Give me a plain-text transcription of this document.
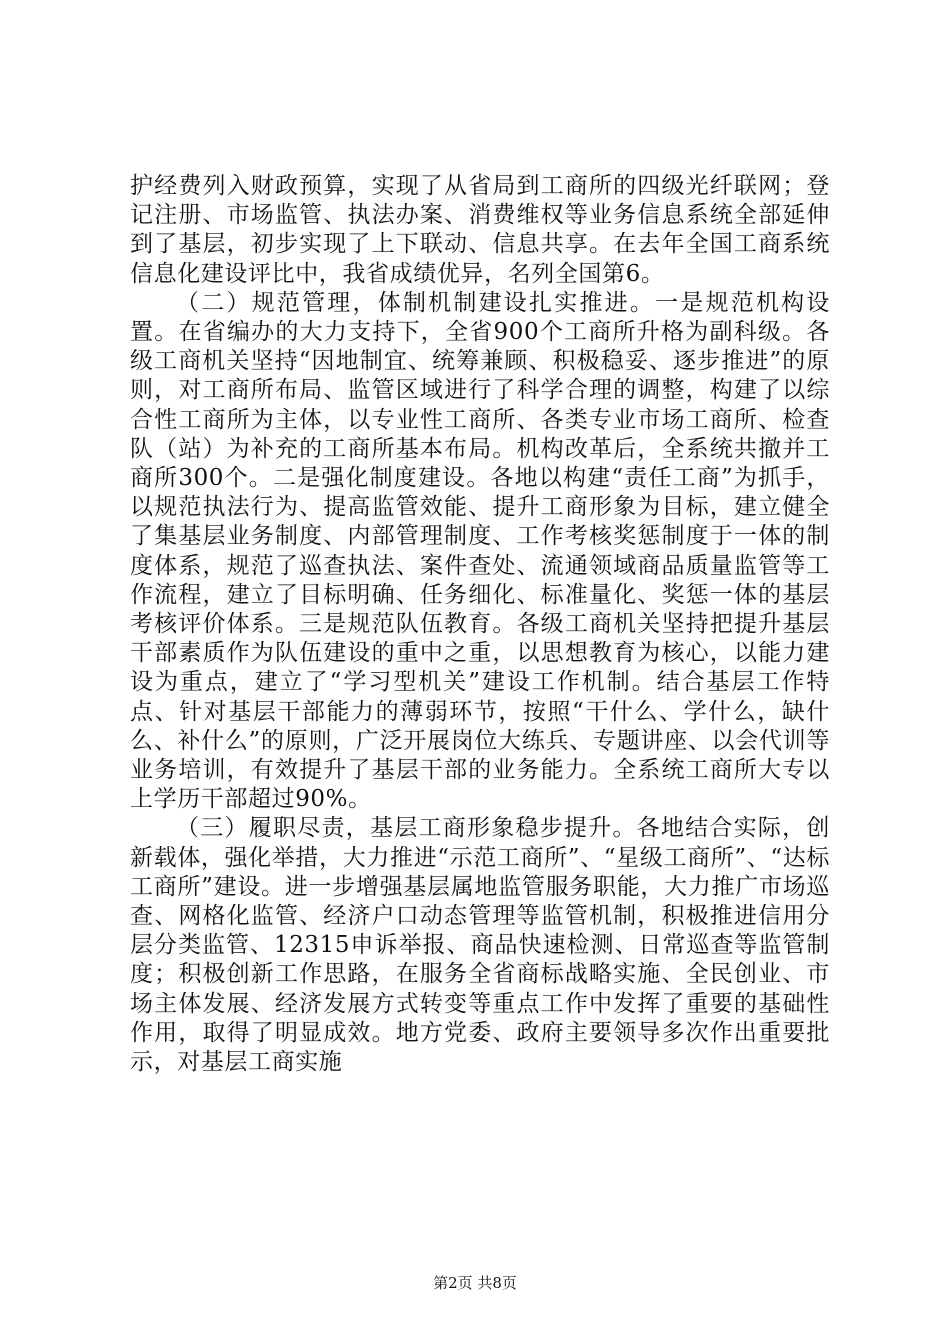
护经费列入财政预算，实现了从省局到工商所的四级光纤联网；登记注册、市场监管、执法办案、消费维权等业务信息系统全部延伸到了基层，初步实现了上下联动、信息共享。在去年全国工商系统信息化建设评比中，我省成绩优异，名列全国第6。

（二）规范管理，体制机制建设扎实推进。一是规范机构设置。在省编办的大力支持下，全省900个工商所升格为副科级。各级工商机关坚持“因地制宜、统筹兼顾、积极稳妥、逐步推进”的原则，对工商所布局、监管区域进行了科学合理的调整，构建了以综合性工商所为主体，以专业性工商所、各类专业市场工商所、检查队（站）为补充的工商所基本布局。机构改革后，全系统共撤并工商所300个。二是强化制度建设。各地以构建“责任工商”为抓手，以规范执法行为、提高监管效能、提升工商形象为目标，建立健全了集基层业务制度、内部管理制度、工作考核奖惩制度于一体的制度体系，规范了巡查执法、案件查处、流通领域商品质量监管等工作流程，建立了目标明确、任务细化、标准量化、奖惩一体的基层考核评价体系。三是规范队伍教育。各级工商机关坚持把提升基层干部素质作为队伍建设的重中之重，以思想教育为核心，以能力建设为重点，建立了“学习型机关”建设工作机制。结合基层工作特点、针对基层干部能力的薄弱环节，按照“干什么、学什么，缺什么、补什么”的原则，广泛开展岗位大练兵、专题讲座、以会代训等业务培训，有效提升了基层干部的业务能力。全系统工商所大专以上学历干部超过90%。

（三）履职尽责，基层工商形象稳步提升。各地结合实际，创新载体，强化举措，大力推进“示范工商所”、“星级工商所”、“达标工商所”建设。进一步增强基层属地监管服务职能，大力推广市场巡查、网格化监管、经济户口动态管理等监管机制，积极推进信用分层分类监管、12315申诉举报、商品快速检测、日常巡查等监管制度；积极创新工作思路，在服务全省商标战略实施、全民创业、市场主体发展、经济发展方式转变等重点工作中发挥了重要的基础性作用，取得了明显成效。地方党委、政府主要领导多次作出重要批示，对基层工商实施

第2页 共8页
